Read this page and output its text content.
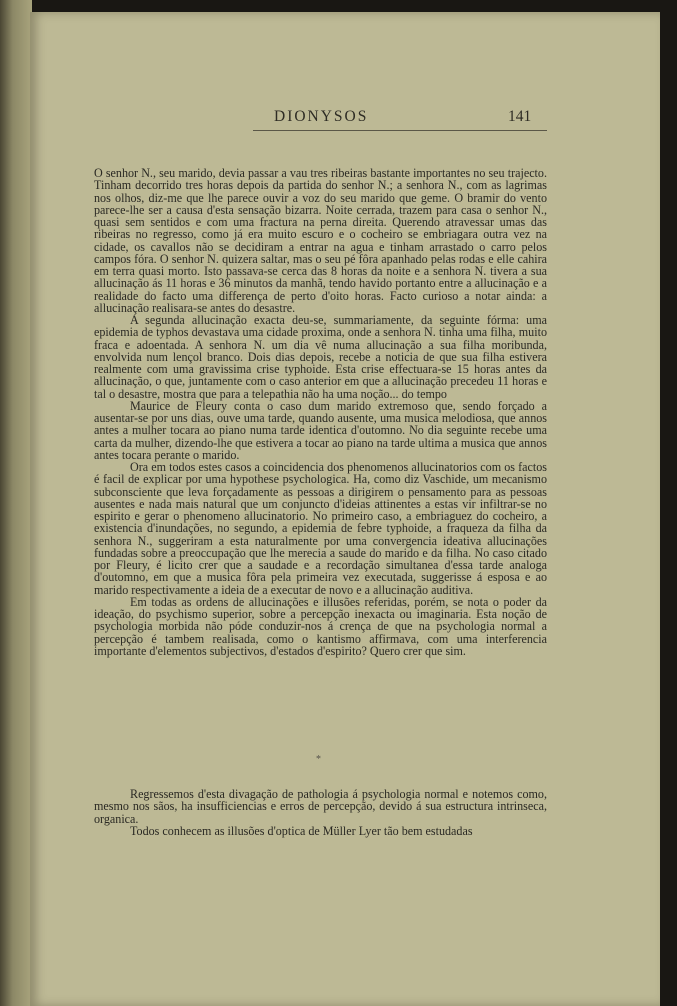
DIONYSOS	141

O senhor N., seu marido, devia passar a vau tres ribeiras bastante importantes no seu trajecto. Tinham decorrido tres horas depois da partida do senhor N.; a senhora N., com as lagrimas nos olhos, diz-me que lhe parece ouvir a voz do seu marido que geme. O bramir do vento parece-lhe ser a causa d'esta sensação bizarra. Noite cerrada, trazem para casa o senhor N., quasi sem sentidos e com uma fractura na perna direita. Querendo atravessar umas das ribeiras no regresso, como já era muito escuro e o cocheiro se embriagara outra vez na cidade, os cavallos não se decidiram a entrar na agua e tinham arrastado o carro pelos campos fóra. O senhor N. quizera saltar, mas o seu pé fôra apanhado pelas rodas e elle cahira em terra quasi morto. Isto passava-se cerca das 8 horas da noite e a senhora N. tivera a sua allucinação ás 11 horas e 36 minutos da manhã, tendo havido portanto entre a allucinação e a realidade do facto uma differença de perto d'oito horas. Facto curioso a notar ainda: a allucinação realisara-se antes do desastre.

A segunda allucinação exacta deu-se, summariamente, da seguinte fórma: uma epidemia de typhos devastava uma cidade proxima, onde a senhora N. tinha uma filha, muito fraca e adoentada. A senhora N. um dia vê numa allucinação a sua filha moribunda, envolvida num lençol branco. Dois dias depois, recebe a noticia de que sua filha estivera realmente com uma gravissima crise typhoide. Esta crise effectuara-se 15 horas antes da allucinação, o que, juntamente com o caso anterior em que a allucinação precedeu 11 horas e tal o desastre, mostra que para a telepathia não ha uma noção... do tempo

Maurice de Fleury conta o caso dum marido extremoso que, sendo forçado a ausentar-se por uns dias, ouve uma tarde, quando ausente, uma musica melodiosa, que annos antes a mulher tocara ao piano numa tarde identica d'outomno. No dia seguinte recebe uma carta da mulher, dizendo-lhe que estivera a tocar ao piano na tarde ultima a musica que annos antes tocara perante o marido.

Ora em todos estes casos a coincidencia dos phenomenos allucinatorios com os factos é facil de explicar por uma hypothese psychologica. Ha, como diz Vaschide, um mecanismo subconsciente que leva forçadamente as pessoas a dirigirem o pensamento para as pessoas ausentes e nada mais natural que um conjuncto d'ideias attinentes a estas vir infiltrar-se no espirito e gerar o phenomeno allucinatorio. No primeiro caso, a embriaguez do cocheiro, a existencia d'inundações, no segundo, a epidemia de febre typhoide, a fraqueza da filha da senhora N., suggeriram a esta naturalmente por uma convergencia ideativa allucinações fundadas sobre a preoccupação que lhe merecia a saude do marido e da filha. No caso citado por Fleury, é licito crer que a saudade e a recordação simultanea d'essa tarde analoga d'outomno, em que a musica fôra pela primeira vez executada, suggerisse á esposa e ao marido respectivamente a ideia de a executar de novo e a allucinação auditiva.

Em todas as ordens de allucinações e illusões referidas, porém, se nota o poder da ideação, do psychismo superior, sobre a percepção inexacta ou imaginaria. Esta noção de psychologia morbida não póde conduzir-nos á crença de que na psychologia normal a percepção é tambem realisada, como o kantismo affirmava, com uma interferencia importante d'elementos subjectivos, d'estados d'espirito? Quero crer que sim.

*

Regressemos d'esta divagação de pathologia á psychologia normal e notemos como, mesmo nos sãos, ha insufficiencias e erros de percepção, devido á sua estructura intrinseca, organica.

Todos conhecem as illusões d'optica de Müller Lyer tão bem estudadas
